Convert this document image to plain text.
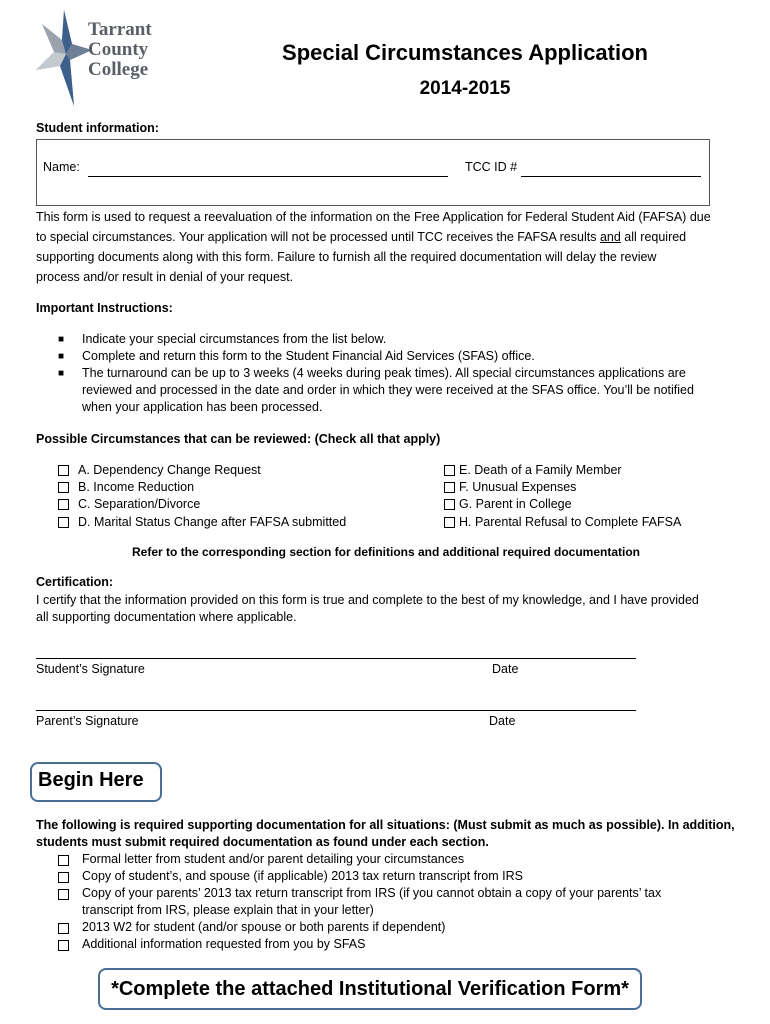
Tarrant
County
College
Special Circumstances Application
2014-2015
Student information:
Name:	TCC ID #
This form is used to request a reevaluation of the information on the Free Application for Federal Student Aid (FAFSA) due
to special circumstances. Your application will not be processed until TCC receives the FAFSA results and all required
supporting documents along with this form. Failure to furnish all the required documentation will delay the review
process and/or result in denial of your request.
Important Instructions:
■ Indicate your special circumstances from the list below.
■ Complete and return this form to the Student Financial Aid Services (SFAS) office.
■ The turnaround can be up to 3 weeks (4 weeks during peak times). All special circumstances applications are
reviewed and processed in the date and order in which they were received at the SFAS office. You’ll be notified
when your application has been processed.
Possible Circumstances that can be reviewed: (Check all that apply)
A. Dependency Change Request
B. Income Reduction
C. Separation/Divorce
D. Marital Status Change after FAFSA submitted
E. Death of a Family Member
F. Unusual Expenses
G. Parent in College
H. Parental Refusal to Complete FAFSA
Refer to the corresponding section for definitions and additional required documentation
Certification:
I certify that the information provided on this form is true and complete to the best of my knowledge, and I have provided
all supporting documentation where applicable.
Student’s Signature	Date
Parent’s Signature	Date
Begin Here
The following is required supporting documentation for all situations: (Must submit as much as possible). In addition,
students must submit required documentation as found under each section.
Formal letter from student and/or parent detailing your circumstances
Copy of student’s, and spouse (if applicable) 2013 tax return transcript from IRS
Copy of your parents’ 2013 tax return transcript from IRS (if you cannot obtain a copy of your parents’ tax
transcript from IRS, please explain that in your letter)
2013 W2 for student (and/or spouse or both parents if dependent)
Additional information requested from you by SFAS
*Complete the attached Institutional Verification Form*
